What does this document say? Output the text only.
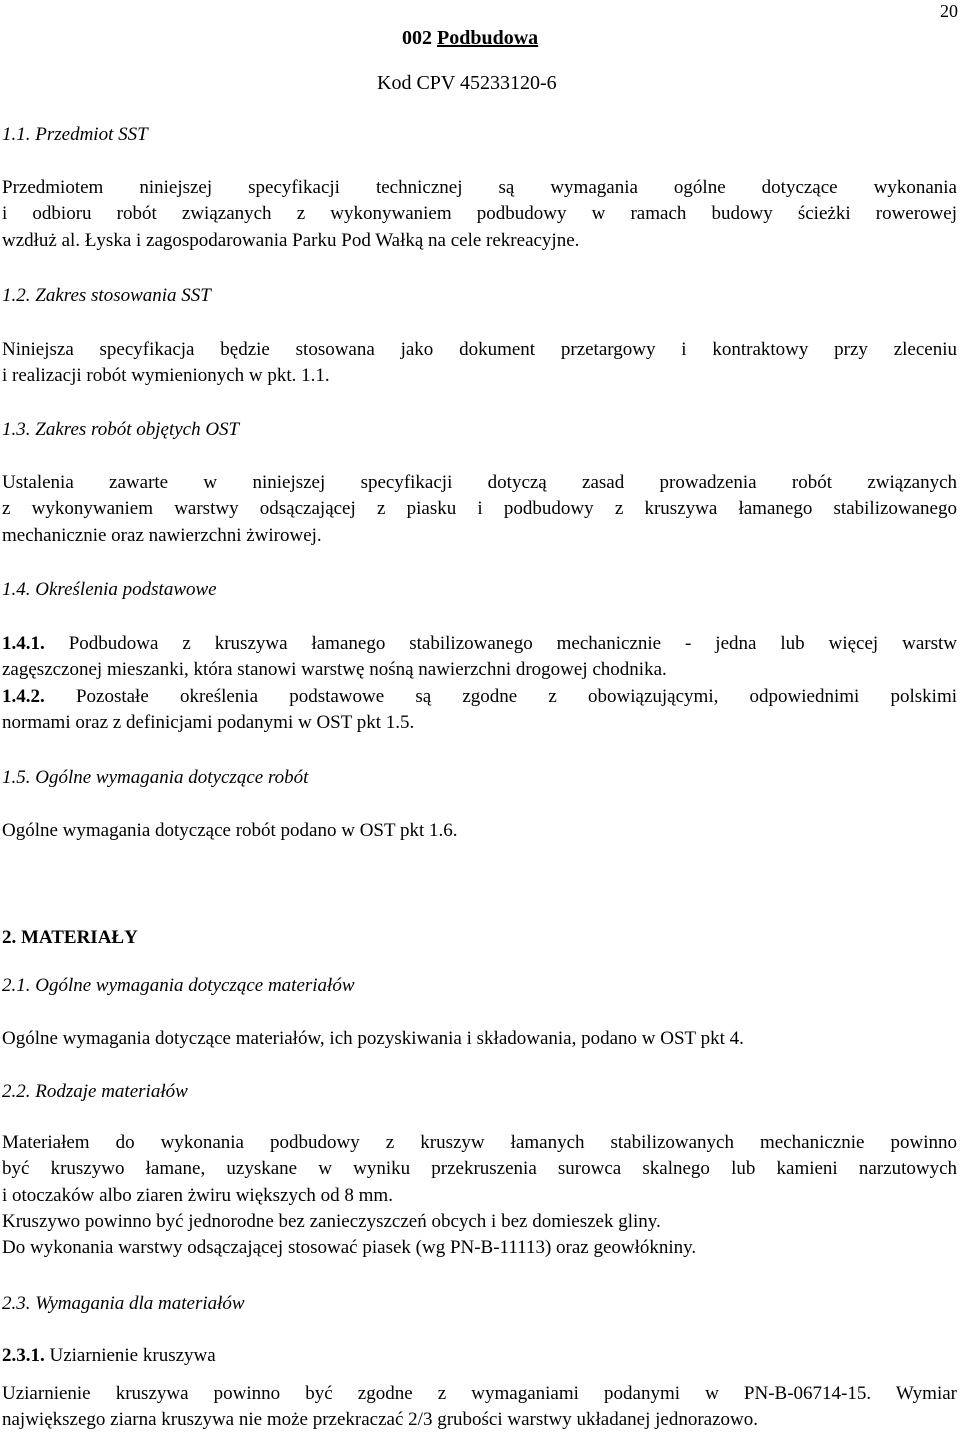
20
002 Podbudowa
Kod CPV 45233120-6
1.1. Przedmiot SST
Przedmiotem niniejszej specyfikacji technicznej są wymagania ogólne dotyczące wykonania
i odbioru robót związanych z wykonywaniem podbudowy w ramach budowy ścieżki rowerowej
wzdłuż al. Łyska i zagospodarowania Parku Pod Wałką na cele rekreacyjne.
1.2. Zakres stosowania SST
Niniejsza specyfikacja będzie stosowana jako dokument przetargowy i kontraktowy przy zleceniu
i realizacji robót wymienionych w pkt. 1.1.
1.3. Zakres robót objętych OST
Ustalenia zawarte w niniejszej specyfikacji dotyczą zasad prowadzenia robót związanych
z wykonywaniem warstwy odsączającej z piasku i podbudowy z kruszywa łamanego stabilizowanego
mechanicznie oraz nawierzchni żwirowej.
1.4. Określenia podstawowe
1.4.1. Podbudowa z kruszywa łamanego stabilizowanego mechanicznie - jedna lub więcej warstw
zagęszczonej mieszanki, która stanowi warstwę nośną nawierzchni drogowej chodnika.
1.4.2. Pozostałe określenia podstawowe są zgodne z obowiązującymi, odpowiednimi polskimi
normami oraz z definicjami podanymi w OST pkt 1.5.
1.5. Ogólne wymagania dotyczące robót
Ogólne wymagania dotyczące robót podano w OST pkt 1.6.
2. MATERIAŁY
2.1. Ogólne wymagania dotyczące materiałów
Ogólne wymagania dotyczące materiałów, ich pozyskiwania i składowania, podano w OST pkt 4.
2.2. Rodzaje materiałów
Materiałem do wykonania podbudowy z kruszyw łamanych stabilizowanych mechanicznie powinno
być kruszywo łamane, uzyskane w wyniku przekruszenia surowca skalnego lub kamieni narzutowych
i otoczaków albo ziaren żwiru większych od 8 mm.
Kruszywo powinno być jednorodne bez zanieczyszczeń obcych i bez domieszek gliny.
Do wykonania warstwy odsączającej stosować piasek (wg PN-B-11113) oraz geowłókniny.
2.3. Wymagania dla materiałów
2.3.1. Uziarnienie kruszywa
Uziarnienie kruszywa powinno być zgodne z wymaganiami podanymi w PN-B-06714-15. Wymiar
największego ziarna kruszywa nie może przekraczać 2/3 grubości warstwy układanej jednorazowo.
